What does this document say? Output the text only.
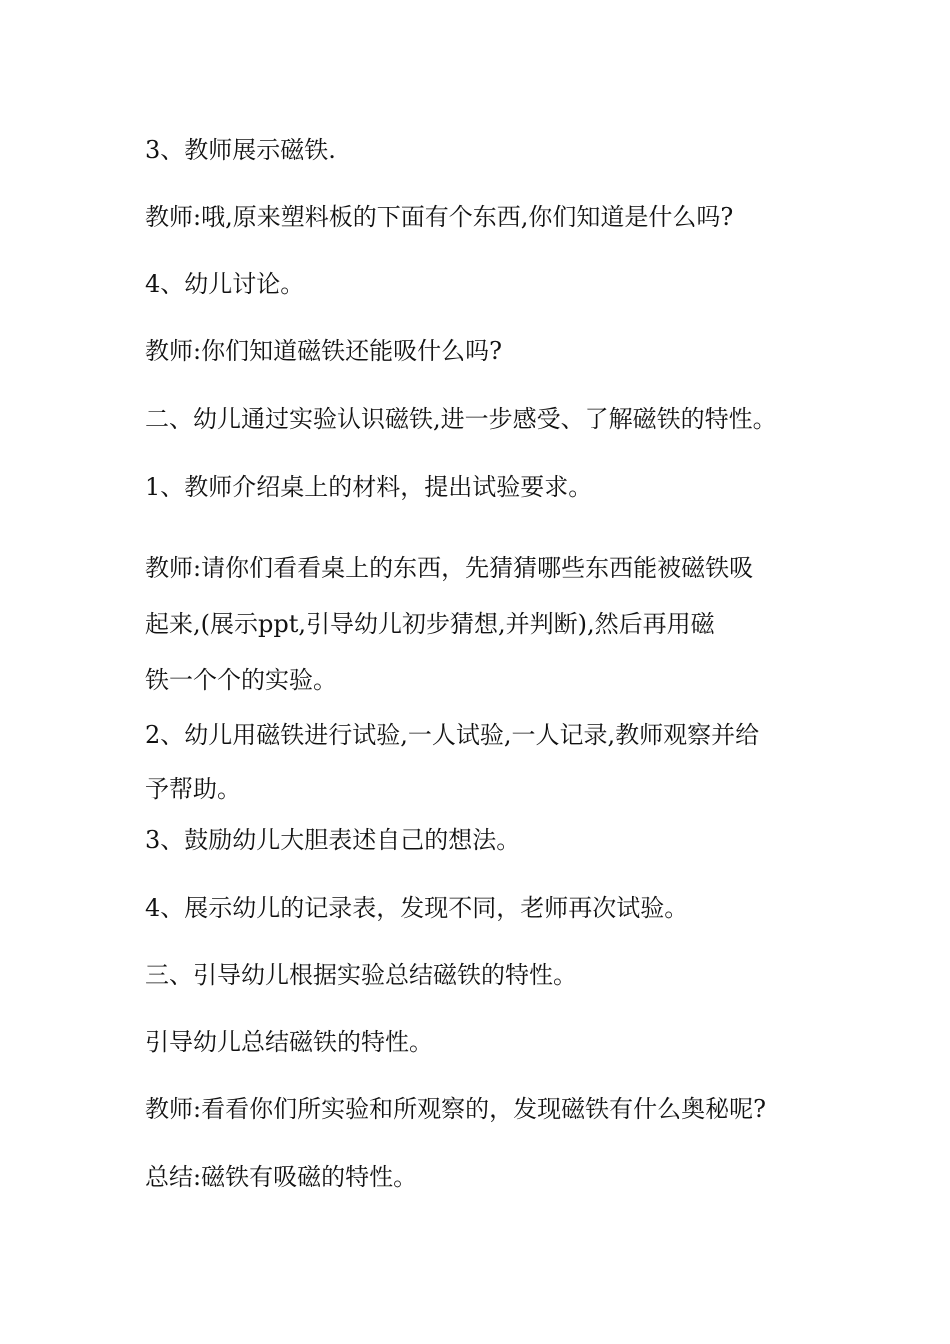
3、教师展示磁铁.

教师:哦,原来塑料板的下面有个东西,你们知道是什么吗?

4、幼儿讨论。

教师:你们知道磁铁还能吸什么吗?

二、幼儿通过实验认识磁铁,进一步感受、了解磁铁的特性。

1、教师介绍桌上的材料，提出试验要求。

教师:请你们看看桌上的东西，先猜猜哪些东西能被磁铁吸
起来,(展示ppt,引导幼儿初步猜想,并判断),然后再用磁
铁一个个的实验。

2、幼儿用磁铁进行试验,一人试验,一人记录,教师观察并给
予帮助。

3、鼓励幼儿大胆表述自己的想法。

4、展示幼儿的记录表，发现不同，老师再次试验。

三、引导幼儿根据实验总结磁铁的特性。

引导幼儿总结磁铁的特性。

教师:看看你们所实验和所观察的，发现磁铁有什么奥秘呢?

总结:磁铁有吸磁的特性。
